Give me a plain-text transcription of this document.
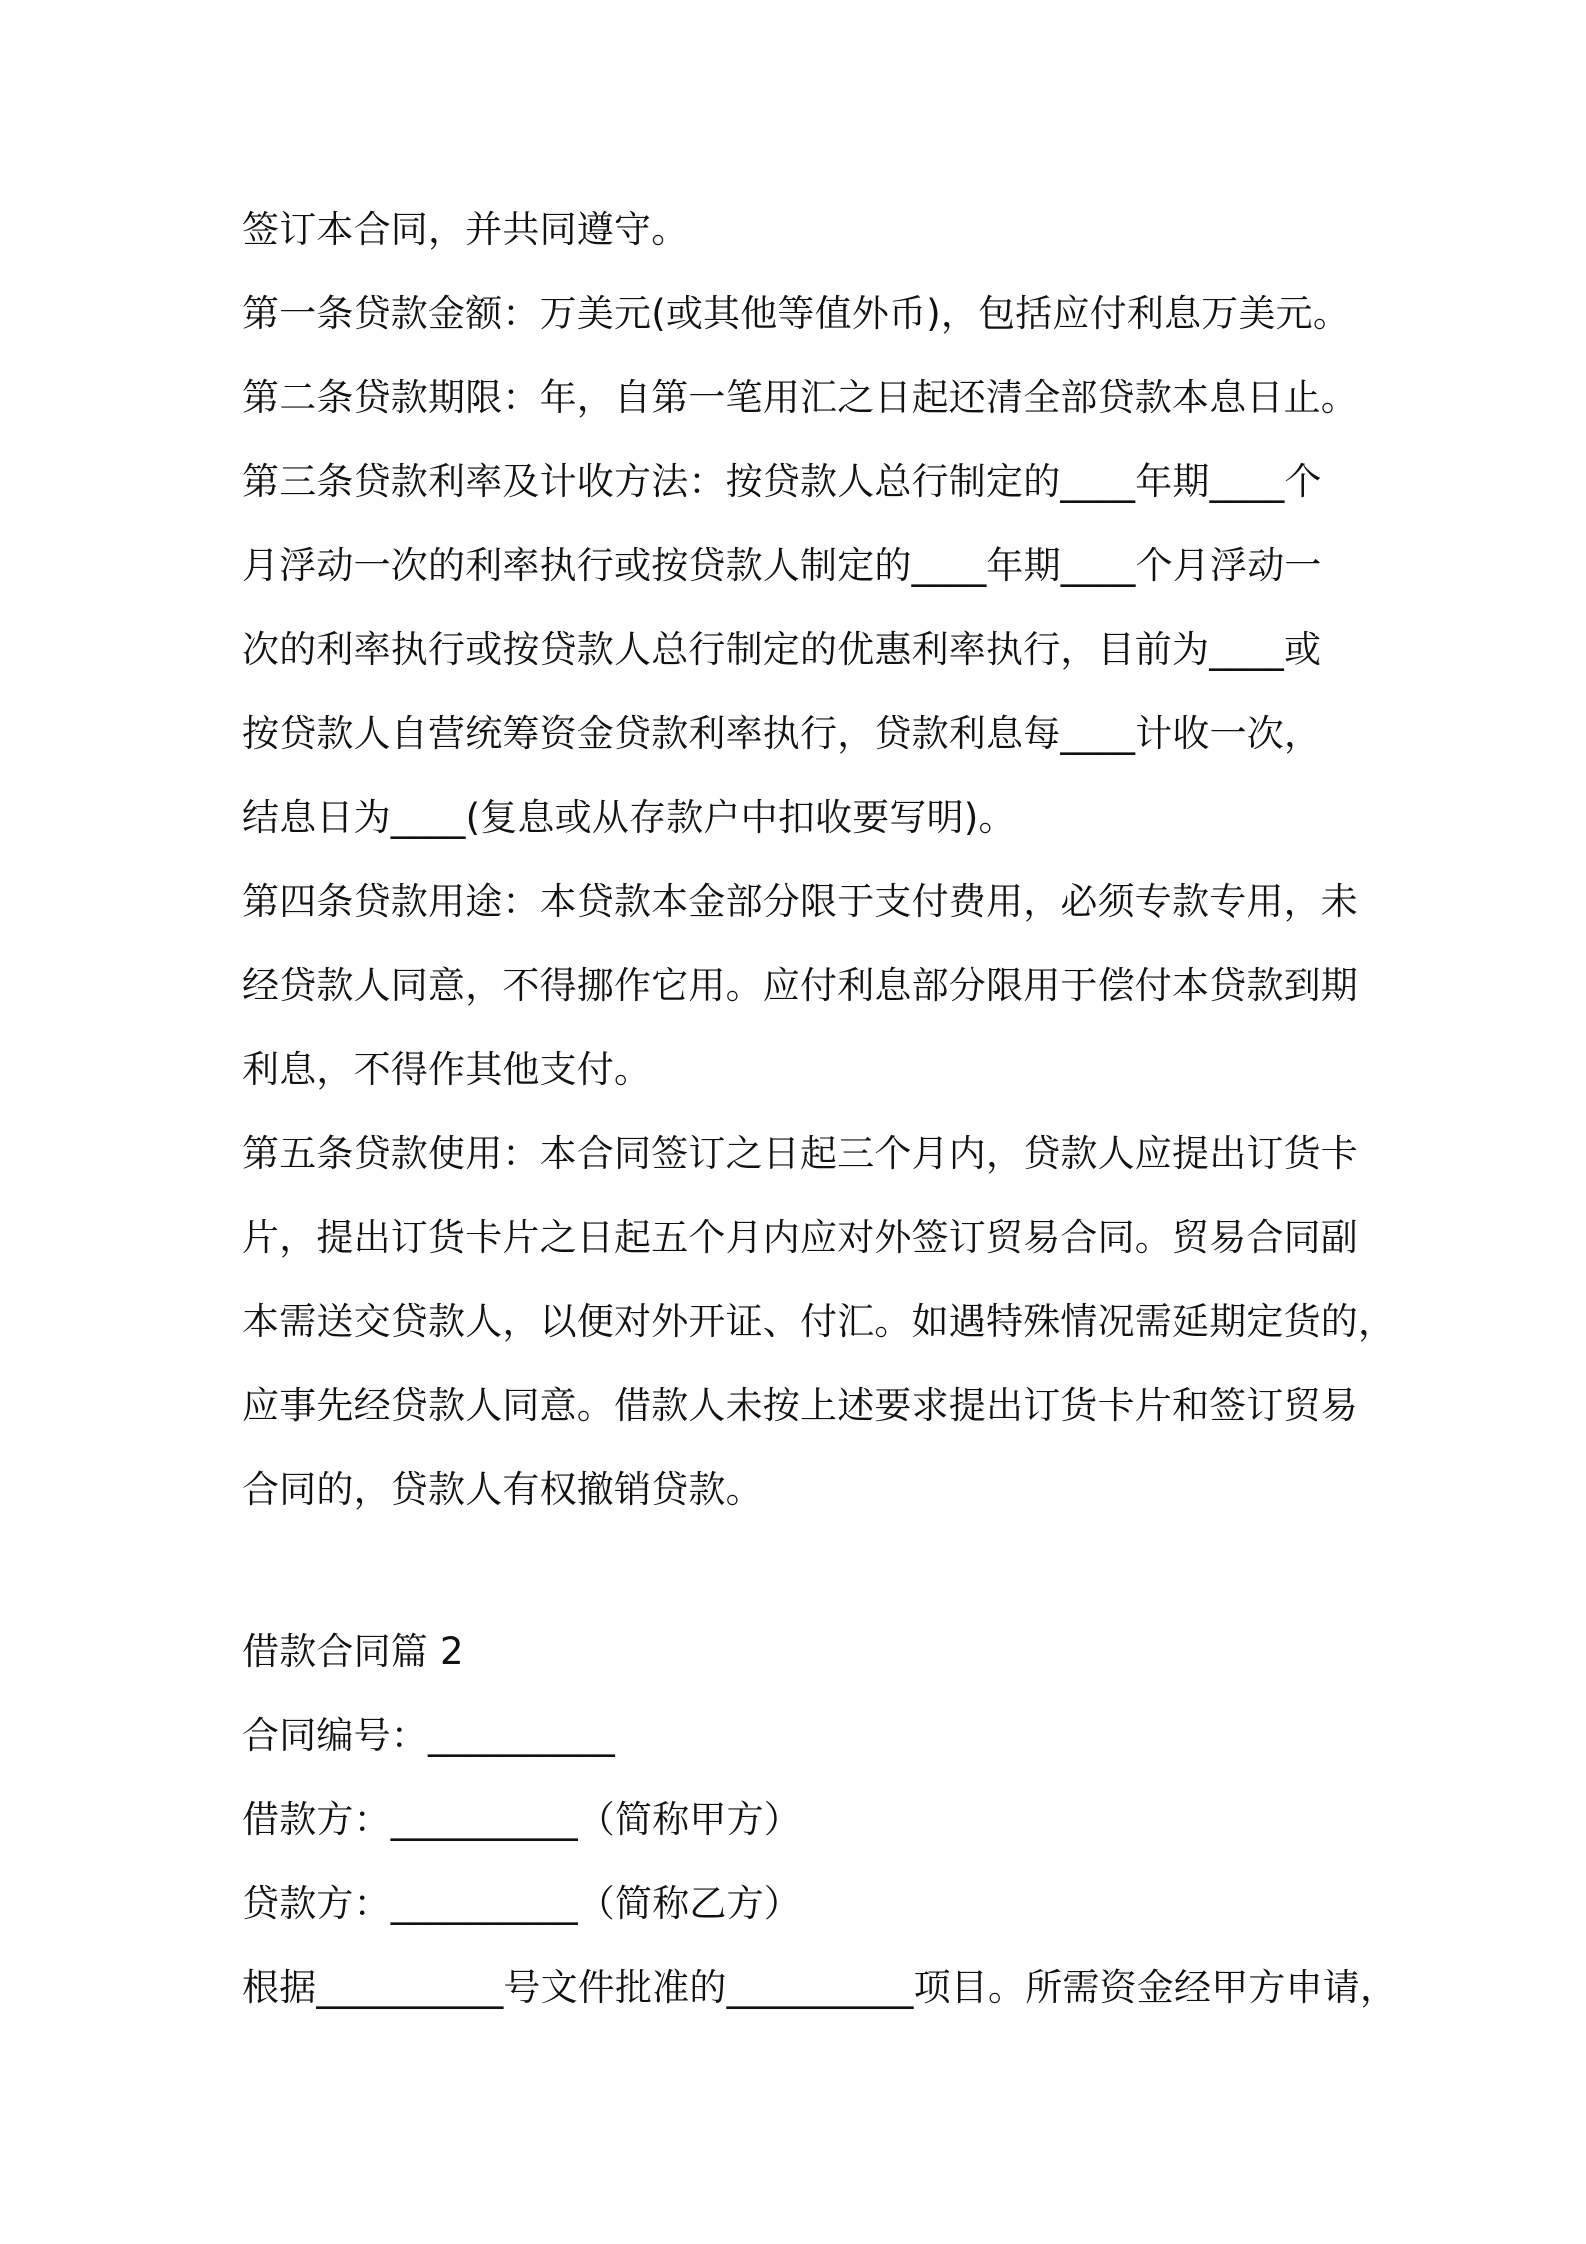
签订本合同，并共同遵守。
第一条贷款金额：万美元(或其他等值外币)，包括应付利息万美元。
第二条贷款期限：年，自第一笔用汇之日起还清全部贷款本息日止。
第三条贷款利率及计收方法：按贷款人总行制定的____年期____个
月浮动一次的利率执行或按贷款人制定的____年期____个月浮动一
次的利率执行或按贷款人总行制定的优惠利率执行，目前为____或
按贷款人自营统筹资金贷款利率执行，贷款利息每____计收一次，
结息日为____(复息或从存款户中扣收要写明)。
第四条贷款用途：本贷款本金部分限于支付费用，必须专款专用，未
经贷款人同意，不得挪作它用。应付利息部分限用于偿付本贷款到期
利息，不得作其他支付。
第五条贷款使用：本合同签订之日起三个月内，贷款人应提出订货卡
片，提出订货卡片之日起五个月内应对外签订贸易合同。贸易合同副
本需送交贷款人，以便对外开证、付汇。如遇特殊情况需延期定货的，
应事先经贷款人同意。借款人未按上述要求提出订货卡片和签订贸易
合同的，贷款人有权撤销贷款。
借款合同篇 2
合同编号：__________
借款方：__________（简称甲方）
贷款方：__________（简称乙方）
根据__________号文件批准的__________项目。所需资金经甲方申请，
